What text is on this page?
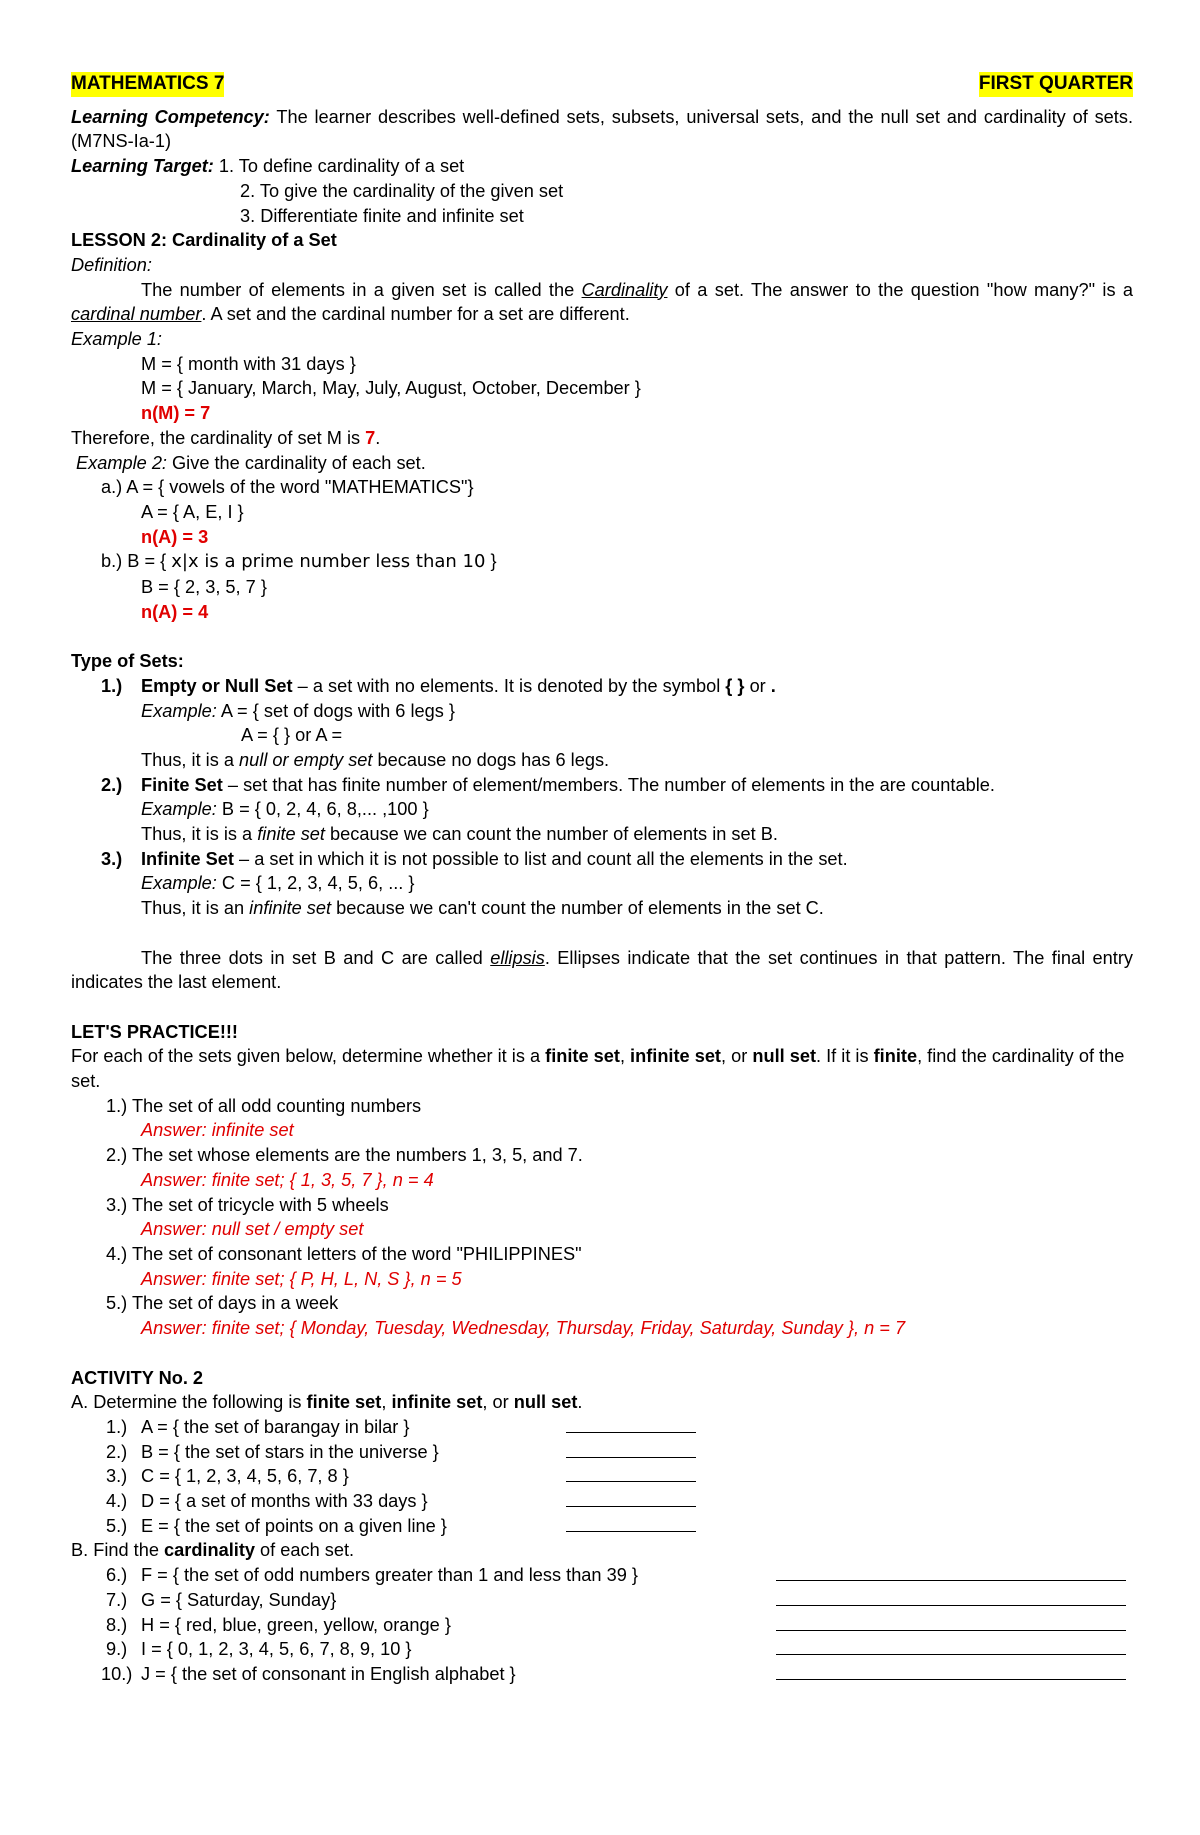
MATHEMATICS 7	FIRST QUARTER
Learning Competency: The learner describes well-defined sets, subsets, universal sets, and the null set and cardinality of sets. (M7NS-Ia-1)
Learning Target: 1. To define cardinality of a set
2. To give the cardinality of the given set
3. Differentiate finite and infinite set
LESSON 2: Cardinality of a Set
Definition:
The number of elements in a given set is called the Cardinality of a set. The answer to the question "how many?" is a cardinal number. A set and the cardinal number for a set are different.
Example 1:
M = { month with 31 days }
M = { January, March, May, July, August, October, December }
n(M) = 7
Therefore, the cardinality of set M is 7.
Example 2: Give the cardinality of each set.
a.) A = { vowels of the word "MATHEMATICS"}
A = { A, E, I }
n(A) = 3
b.) B = { x|x is a prime number less than 10 }
B = { 2, 3, 5, 7 }
n(A) = 4
Type of Sets:
1.)	Empty or Null Set – a set with no elements. It is denoted by the symbol { } or .
Example: A = { set of dogs with 6 legs }
A = { } or A =
Thus, it is a null or empty set because no dogs has 6 legs.
2.)	Finite Set – set that has finite number of element/members. The number of elements in the are countable.
Example: B = { 0, 2, 4, 6, 8,... ,100 }
Thus, it is is a finite set because we can count the number of elements in set B.
3.)	Infinite Set – a set in which it is not possible to list and count all the elements in the set.
Example: C = { 1, 2, 3, 4, 5, 6, ... }
Thus, it is an infinite set because we can't count the number of elements in the set C.
The three dots in set B and C are called ellipsis. Ellipses indicate that the set continues in that pattern. The final entry indicates the last element.
LET'S PRACTICE!!!
For each of the sets given below, determine whether it is a finite set, infinite set, or null set. If it is finite, find the cardinality of the set.
1.) The set of all odd counting numbers
Answer: infinite set
2.) The set whose elements are the numbers 1, 3, 5, and 7.
Answer: finite set; { 1, 3, 5, 7 }, n = 4
3.) The set of tricycle with 5 wheels
Answer: null set / empty set
4.) The set of consonant letters of the word "PHILIPPINES"
Answer: finite set; { P, H, L, N, S }, n = 5
5.) The set of days in a week
Answer: finite set; { Monday, Tuesday, Wednesday, Thursday, Friday, Saturday, Sunday }, n = 7
ACTIVITY No. 2
A. Determine the following is finite set, infinite set, or null set.
1.) A = { the set of barangay in bilar }
2.) B = { the set of stars in the universe }
3.) C = { 1, 2, 3, 4, 5, 6, 7, 8 }
4.) D = { a set of months with 33 days }
5.) E = { the set of points on a given line }
B. Find the cardinality of each set.
6.) F = { the set of odd numbers greater than 1 and less than 39 }
7.) G = { Saturday, Sunday}
8.) H = { red, blue, green, yellow, orange }
9.) I = { 0, 1, 2, 3, 4, 5, 6, 7, 8, 9, 10 }
10.) J = { the set of consonant in English alphabet }
